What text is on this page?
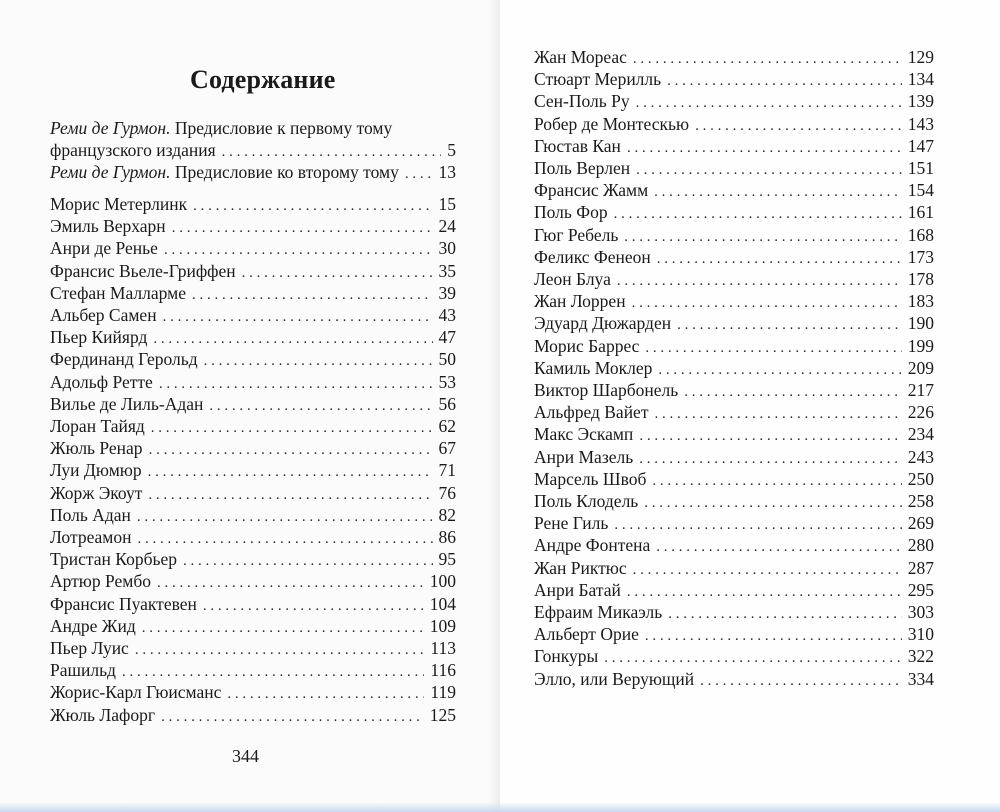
Содержание
Реми де Гурмон. Предисловие к первому тому
французского издания . . .	5
Реми де Гурмон. Предисловие ко второму тому . . . 13
Морис Метерлинк . . .	15
Эмиль Верхарн . . .	24
Анри де Ренье . . .	30
Франсис Вьеле-Гриффен . . .	35
Стефан Малларме . . .	39
Альбер Самен . . .	43
Пьер Кийярд . . .	47
Фердинанд Герольд . . .	50
Адольф Ретте . . .	53
Вилье де Лиль-Адан . . .	56
Лоран Тайяд . . .	62
Жюль Ренар . . .	67
Луи Дюмюр . . .	71
Жорж Экоут . . .	76
Поль Адан . . .	82
Лотреамон . . .	86
Тристан Корбьер . . .	95
Артюр Рембо . . .	100
Франсис Пуактевен . . .	104
Андре Жид . . .	109
Пьер Луис . . .	113
Рашильд . . .	116
Жорис-Карл Гюисманс . . .	119
Жюль Лафорг . . .	125
344
Жан Мореас . . .	129
Стюарт Мерилль . . .	134
Сен-Поль Ру . . .	139
Робер де Монтескью . . .	143
Гюстав Кан . . .	147
Поль Верлен . . .	151
Франсис Жамм . . .	154
Поль Фор . . .	161
Гюг Ребель . . .	168
Феликс Фенеон . . .	173
Леон Блуа . . .	178
Жан Лоррен . . .	183
Эдуард Дюжарден . . .	190
Морис Баррес . . .	199
Камиль Моклер . . .	209
Виктор Шарбонель . . .	217
Альфред Вайет . . .	226
Макс Эскамп . . .	234
Анри Мазель . . .	243
Марсель Швоб . . .	250
Поль Клодель . . .	258
Рене Гиль . . .	269
Андре Фонтена . . .	280
Жан Риктюс . . .	287
Анри Батай . . .	295
Ефраим Микаэль . . .	303
Альберт Орие . . .	310
Гонкуры . . .	322
Элло, или Верующий . . .	334
